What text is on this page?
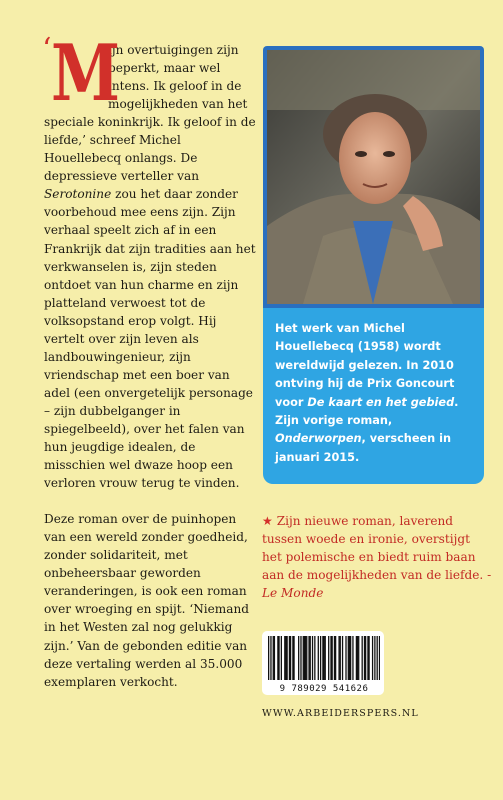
‘ M
ijn overtuigingen zijn beperkt, maar wel intens. Ik geloof in de mogelijkheden van het speciale koninkrijk. Ik geloof in de liefde,’ schreef Michel Houellebecq onlangs. De depressieve verteller van Serotonine zou het daar zonder voorbehoud mee eens zijn. Zijn verhaal speelt zich af in een Frankrijk dat zijn tradities aan het verkwanselen is, zijn steden ontdoet van hun charme en zijn platteland verwoest tot de volksopstand erop volgt. Hij vertelt over zijn leven als landbouwingenieur, zijn vriendschap met een boer van adel (een onvergetelijk personage – zijn dubbelganger in spiegelbeeld), over het falen van hun jeugdige idealen, de misschien wel dwaze hoop een verloren vrouw terug te vinden.

Deze roman over de puinhopen van een wereld zonder goedheid, zonder solidariteit, met onbeheersbaar geworden veranderingen, is ook een roman over wroeging en spijt. ‘Niemand in het Westen zal nog gelukkig zijn.’ Van de gebonden editie van deze vertaling werden al 35.000 exemplaren verkocht.

Het werk van Michel Houellebecq (1958) wordt wereldwijd gelezen. In 2010 ontving hij de Prix Goncourt voor De kaart en het gebied. Zijn vorige roman, Onderworpen, verscheen in januari 2015.
★ Zijn nieuwe roman, laverend tussen woede en ironie, overstijgt het polemische en biedt ruim baan aan de mogelijkheden van de liefde. - Le Monde
9 789029 541626
WWW.ARBEIDERSPERS.NL
